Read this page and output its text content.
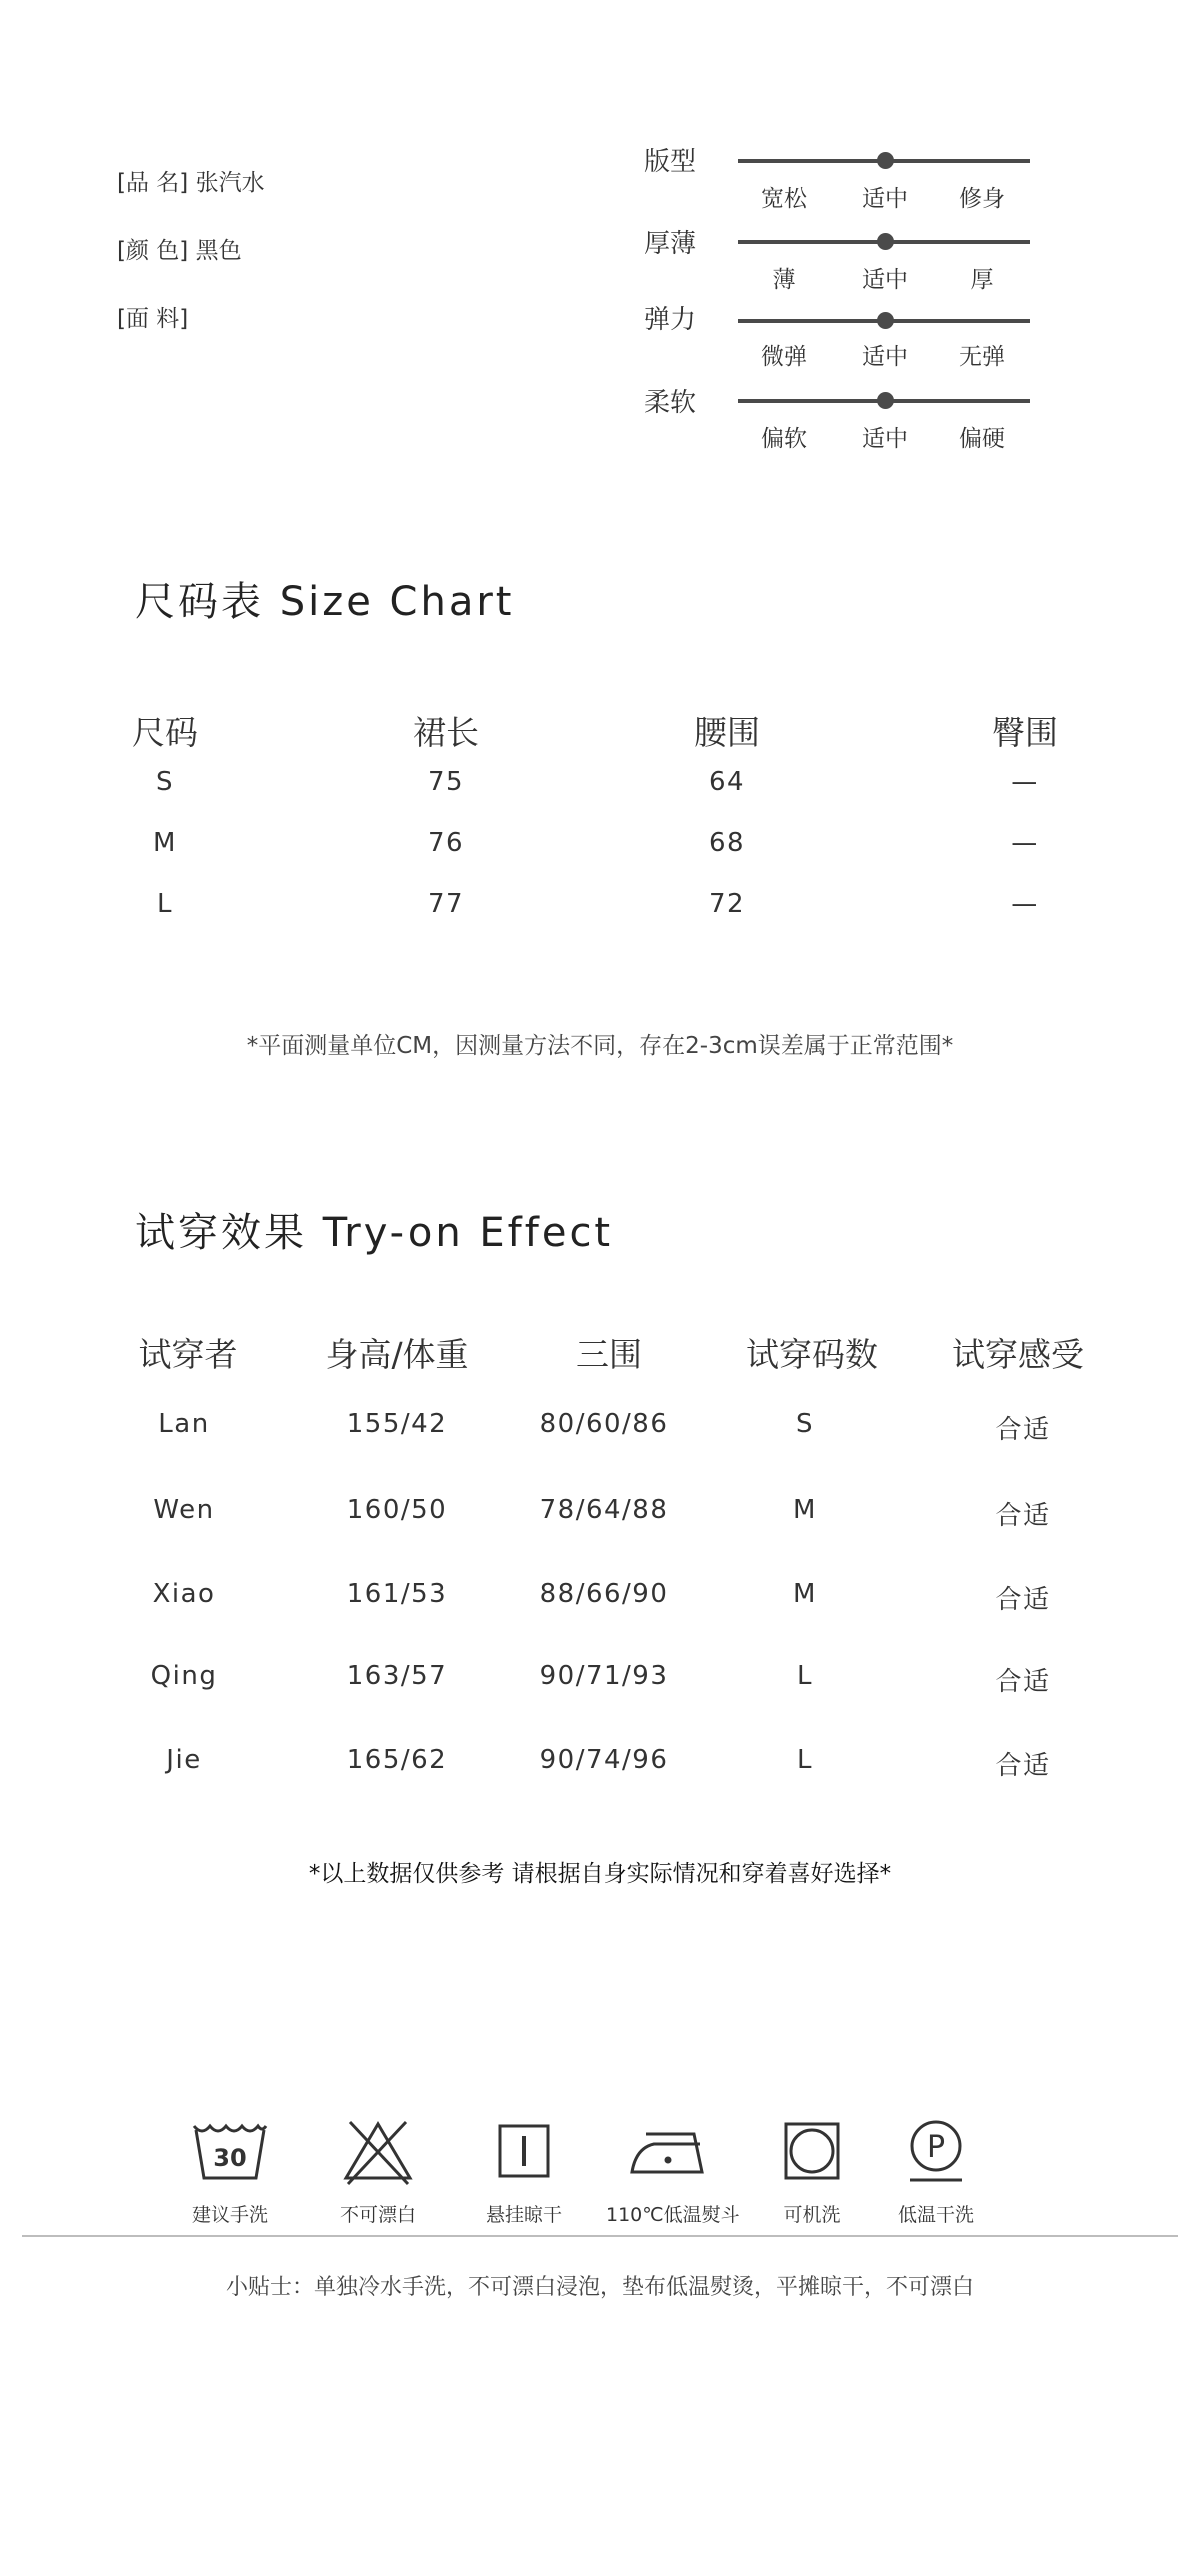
[品 名] 张汽水
[颜 色] 黑色
[面 料]
版型
宽松 适中 修身
厚薄
薄	适中	厚
弹力
微弹 适中 无弹
柔软
偏软 适中 偏硬
尺码表 Size Chart
尺码	裙长	腰围	臀围
S	75	64	—
M	76	68	—
L	77	72	—
*平面测量单位CM，因测量方法不同，存在2-3cm误差属于正常范围*
试穿效果 Try-on Effect
试穿者	身高/体重	三围	试穿码数 试穿感受
Lan	155/42	80/60/86	S	合适
Wen	160/50	78/64/88	M	合适
Xiao	161/53	88/66/90	M	合适
Qing	163/57	90/71/93	L	合适
Jie	165/62	90/74/96	L	合适
*以上数据仅供参考 请根据自身实际情况和穿着喜好选择*
30
建议手洗	不可漂白	悬挂晾干	110℃低温熨斗	可机洗
P
低温干洗
小贴士：单独冷水手洗，不可漂白浸泡，垫布低温熨烫，平摊晾干，不可漂白
